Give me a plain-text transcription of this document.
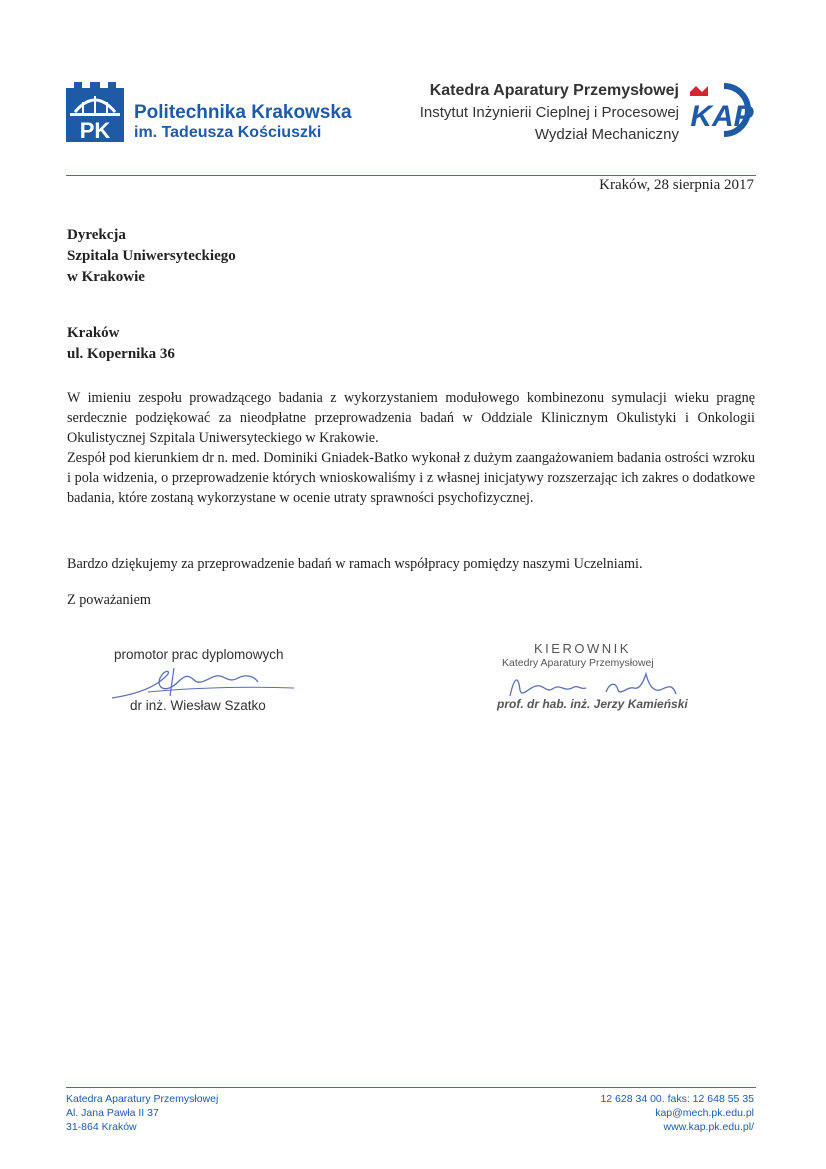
PK
Politechnika Krakowska
im. Tadeusza Kościuszki
Katedra Aparatury Przemysłowej
Instytut Inżynierii Cieplnej i Procesowej
Wydział Mechaniczny
KAP
Kraków, 28 sierpnia 2017
Dyrekcja
Szpitala Uniwersyteckiego
w Krakowie
Kraków
ul. Kopernika 36
W imieniu zespołu prowadzącego badania z wykorzystaniem modułowego kombinezonu symulacji wieku pragnę serdecznie podziękować za nieodpłatne przeprowadzenia badań w Oddziale Klinicznym Okulistyki i Onkologii Okulistycznej Szpitala Uniwersyteckiego w Krakowie.
Zespół pod kierunkiem dr n. med. Dominiki Gniadek-Batko wykonał z dużym zaangażowaniem badania ostrości wzroku i pola widzenia, o przeprowadzenie których wnioskowaliśmy i z własnej inicjatywy rozszerzając ich zakres o dodatkowe badania, które zostaną wykorzystane w ocenie utraty sprawności psychofizycznej.
Bardzo dziękujemy za przeprowadzenie badań w ramach współpracy pomiędzy naszymi Uczelniami.
Z poważaniem
promotor prac dyplomowych
dr inż. Wiesław Szatko
KIEROWNIK
Katedry Aparatury Przemysłowej
prof. dr hab. inż. Jerzy Kamieński
Katedra Aparatury Przemysłowej
Al. Jana Pawła II 37
31-864 Kraków
12 628 34 00. faks: 12 648 55 35
kap@mech.pk.edu.pl
www.kap.pk.edu.pl/
